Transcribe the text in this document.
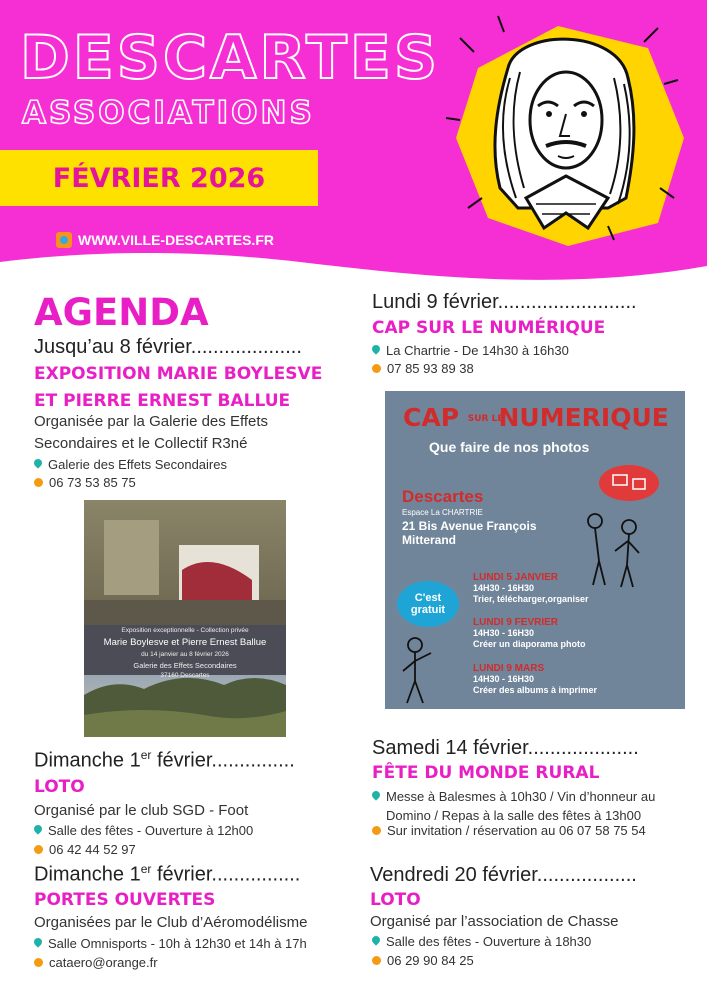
DESCARTES
ASSOCIATIONS
FÉVRIER 2026
WWW.VILLE-DESCARTES.FR
AGENDA

Jusqu’au 8 février....................

EXPOSITION MARIE BOYLESVE ET PIERRE ERNEST BALLUE

Organisée par la Galerie des Effets Secondaires et le Collectif R3né

Galerie des Effets Secondaires

06 73 53 85 75

Exposition exceptionnelle - Collection privée
Marie Boylesve et Pierre Ernest Ballue
du 14 janvier au 8 février 2026
Galerie des Effets Secondaires
37160 Descartes

Dimanche 1er février...............

LOTO

Organisé par le club SGD - Foot

Salle des fêtes - Ouverture à 12h00

06 42 44 52 97

Dimanche 1er février................

PORTES OUVERTES

Organisées par le Club d’Aéromodélisme

Salle Omnisports - 10h à 12h30 et 14h à 17h

cataero@orange.fr

Lundi 9 février.........................

CAP SUR LE NUMÉRIQUE

La Chartrie - De 14h30 à 16h30

07 85 93 89 38

CAP SUR LE NUMERIQUE
Que faire de nos photos
Descartes
Espace La CHARTRIE
21 Bis Avenue François Mitterand
C'est gratuit
LUNDI 5 JANVIER
14H30 - 16H30
Trier, télécharger,organiser
LUNDI 9 FEVRIER
14H30 - 16H30
Créer un diaporama photo
LUNDI 9 MARS
14H30 - 16H30
Créer des albums à imprimer

Samedi 14 février....................

FÊTE DU MONDE RURAL

Messe à Balesmes à 10h30 / Vin d’honneur au Domino / Repas à la salle des fêtes à 13h00

Sur invitation / réservation au 06 07 58 75 54

Vendredi 20 février..................

LOTO

Organisé par l’association de Chasse

Salle des fêtes - Ouverture à 18h30

06 29 90 84 25
